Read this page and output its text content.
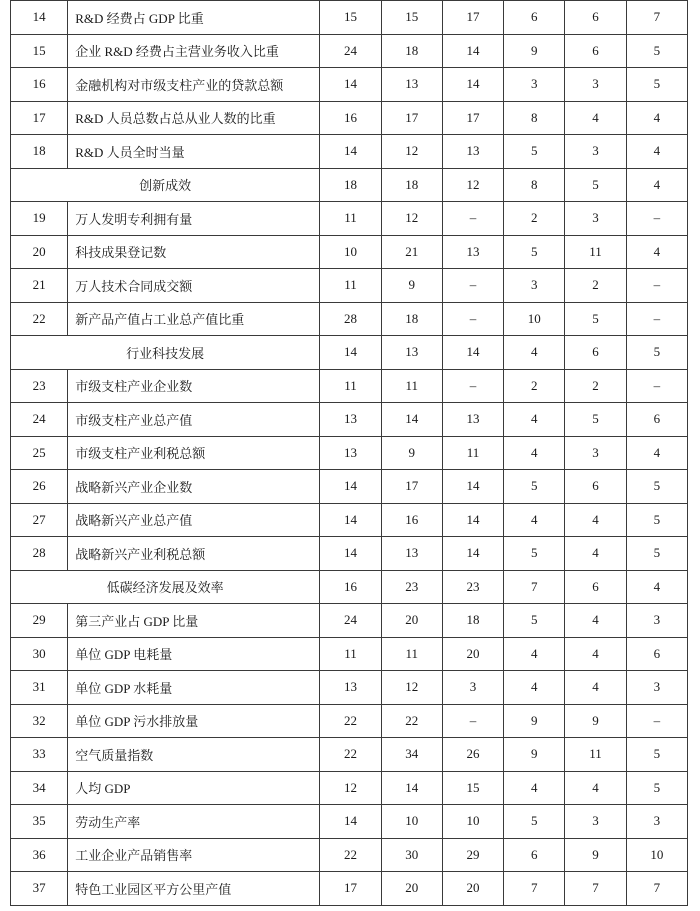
14	R&D 经费占 GDP 比重	15	15	17	6	6	7
15	企业 R&D 经费占主营业务收入比重	24	18	14	9	6	5
16	金融机构对市级支柱产业的贷款总额	14	13	14	3	3	5
17	R&D 人员总数占总从业人数的比重	16	17	17	8	4	4
18	R&D 人员全时当量	14	12	13	5	3	4
创新成效		18	18	12	8	5	4
19	万人发明专利拥有量	11	12	–	2	3	–
20	科技成果登记数	10	21	13	5	11	4
21	万人技术合同成交额	11	9	–	3	2	–
22	新产品产值占工业总产值比重	28	18	–	10	5	–
行业科技发展		14	13	14	4	6	5
23	市级支柱产业企业数	11	11	–	2	2	–
24	市级支柱产业总产值	13	14	13	4	5	6
25	市级支柱产业利税总额	13	9	11	4	3	4
26	战略新兴产业企业数	14	17	14	5	6	5
27	战略新兴产业总产值	14	16	14	4	4	5
28	战略新兴产业利税总额	14	13	14	5	4	5
低碳经济发展及效率		16	23	23	7	6	4
29	第三产业占 GDP 比量	24	20	18	5	4	3
30	单位 GDP 电耗量	11	11	20	4	4	6
31	单位 GDP 水耗量	13	12	3	4	4	3
32	单位 GDP 污水排放量	22	22	–	9	9	–
33	空气质量指数	22	34	26	9	11	5
34	人均 GDP	12	14	15	4	4	5
35	劳动生产率	14	10	10	5	3	3
36	工业企业产品销售率	22	30	29	6	9	10
37	特色工业园区平方公里产值	17	20	20	7	7	7
